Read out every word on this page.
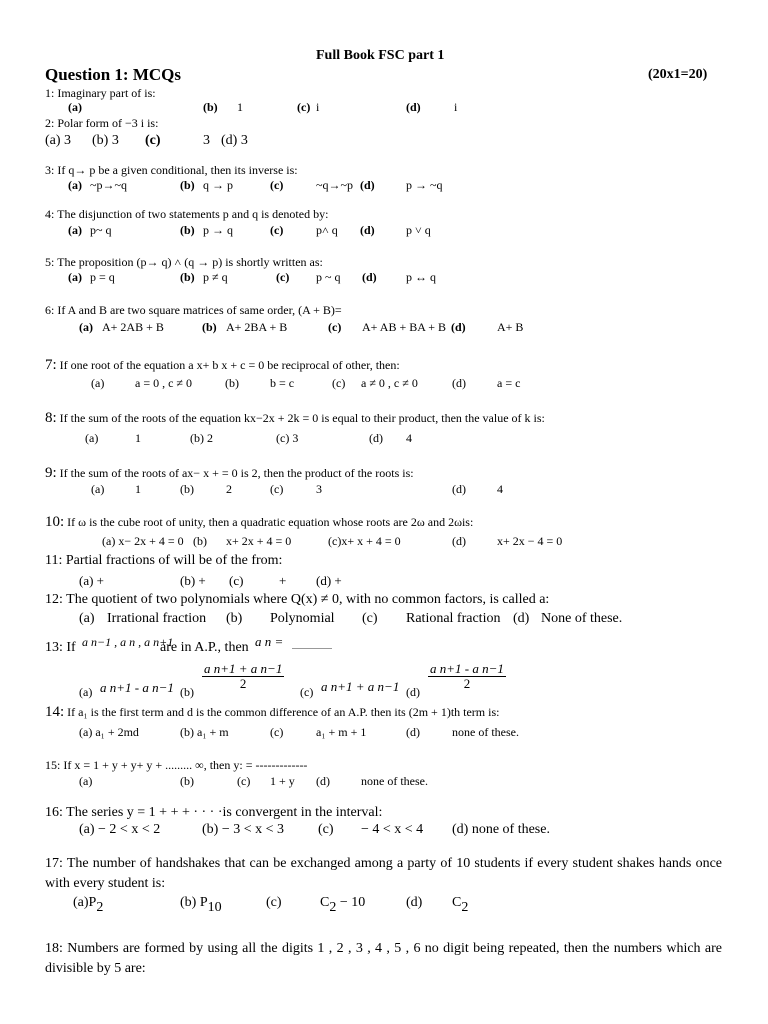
Full Book FSC part 1
Question 1: MCQs	(20x1=20)
1: Imaginary part of is:
(a)	(b) 1	(c) i	(d)	i
2: Polar form of −3 i is:
(a) 3 (b) 3 (c)	3 (d) 3
3: If q→ p be a given conditional, then its inverse is:
(a) ~p→~q	(b) q → p	(c)	~q→~p (d)	p → ~q
4: The disjunction of two statements p and q is denoted by:
(a) p~ q	(b) p → q	(c)	p˄ q (d)	p ˅ q
5: The proposition (p→ q) ˄ (q → p) is shortly written as:
(a) p = q	(b) p ≠ q	(c) p ~ q (d) p ↔ q
6: If A and B are two square matrices of same order, (A + B)=
(a) A+ 2AB + B	(b) A+ 2BA + B	(c) A+ AB + BA + B (d)	A+ B
7: If one root of the equation a x+ b x + c = 0 be reciprocal of other, then:
(a)	a = 0 , c ≠ 0	(b)	b = c	(c) a ≠ 0 , c ≠ 0	(d)	a = c
8: If the sum of the roots of the equation kx−2x + 2k = 0 is equal to their product, then the value of k is:
(a)	1	(b) 2	(c) 3	(d) 4
9: If the sum of the roots of ax− x + = 0 is 2, then the product of the roots is:
(a)	1	(b)	2	(c)	3	(d)	4
10: If ω is the cube root of unity, then a quadratic equation whose roots are 2ω and 2ωis:
(a) x− 2x + 4 = 0 (b) x+ 2x + 4 = 0	(c)x+ x + 4 = 0	(d)	x+ 2x − 4 = 0
11: Partial fractions of will be of the from:
(a) +	(b) + (c)	+ (d) +
12: The quotient of two polynomials where Q(x) ≠ 0, with no common factors, is called a:
(a) Irrational fraction (b) Polynomial (c) Rational fraction (d) None of these.
13: If a n−1 , a n , a n+1
are in A.P., then a n =
(a) a n+1 - a n−1 (b)
$\frac{\text{a n+1 + a n−1}}{2}$
(c) a n+1 + a n−1 (d)
$\frac{\text{a n+1 - a n−1}}{2}$
14: If a₁ is the first term and d is the common difference of an A.P. then its (2m + 1)th term is:
(a) a₁ + 2md	(b) a₁ + m	(c)	a₁ + m + 1	(d)	none of these.
15: If x = 1 + y + y+ y + ......... ∞, then y: = -------------
(a)	(b)	(c) 1 + y (d)	none of these.
16: The series y = 1 + + + · · · ·is convergent in the interval:
(a) − 2 < x < 2	(b) − 3 < x < 3 (c) − 4 < x < 4 (d) none of these.
17: The number of handshakes that can be exchanged among a party of 10 students if every student shakes hands once with every student is:
(a)P2	(b) P10	(c)	C2 − 10	(d) C2
18: Numbers are formed by using all the digits 1 , 2 , 3 , 4 , 5 , 6 no digit being repeated, then the numbers which are divisible by 5 are:
